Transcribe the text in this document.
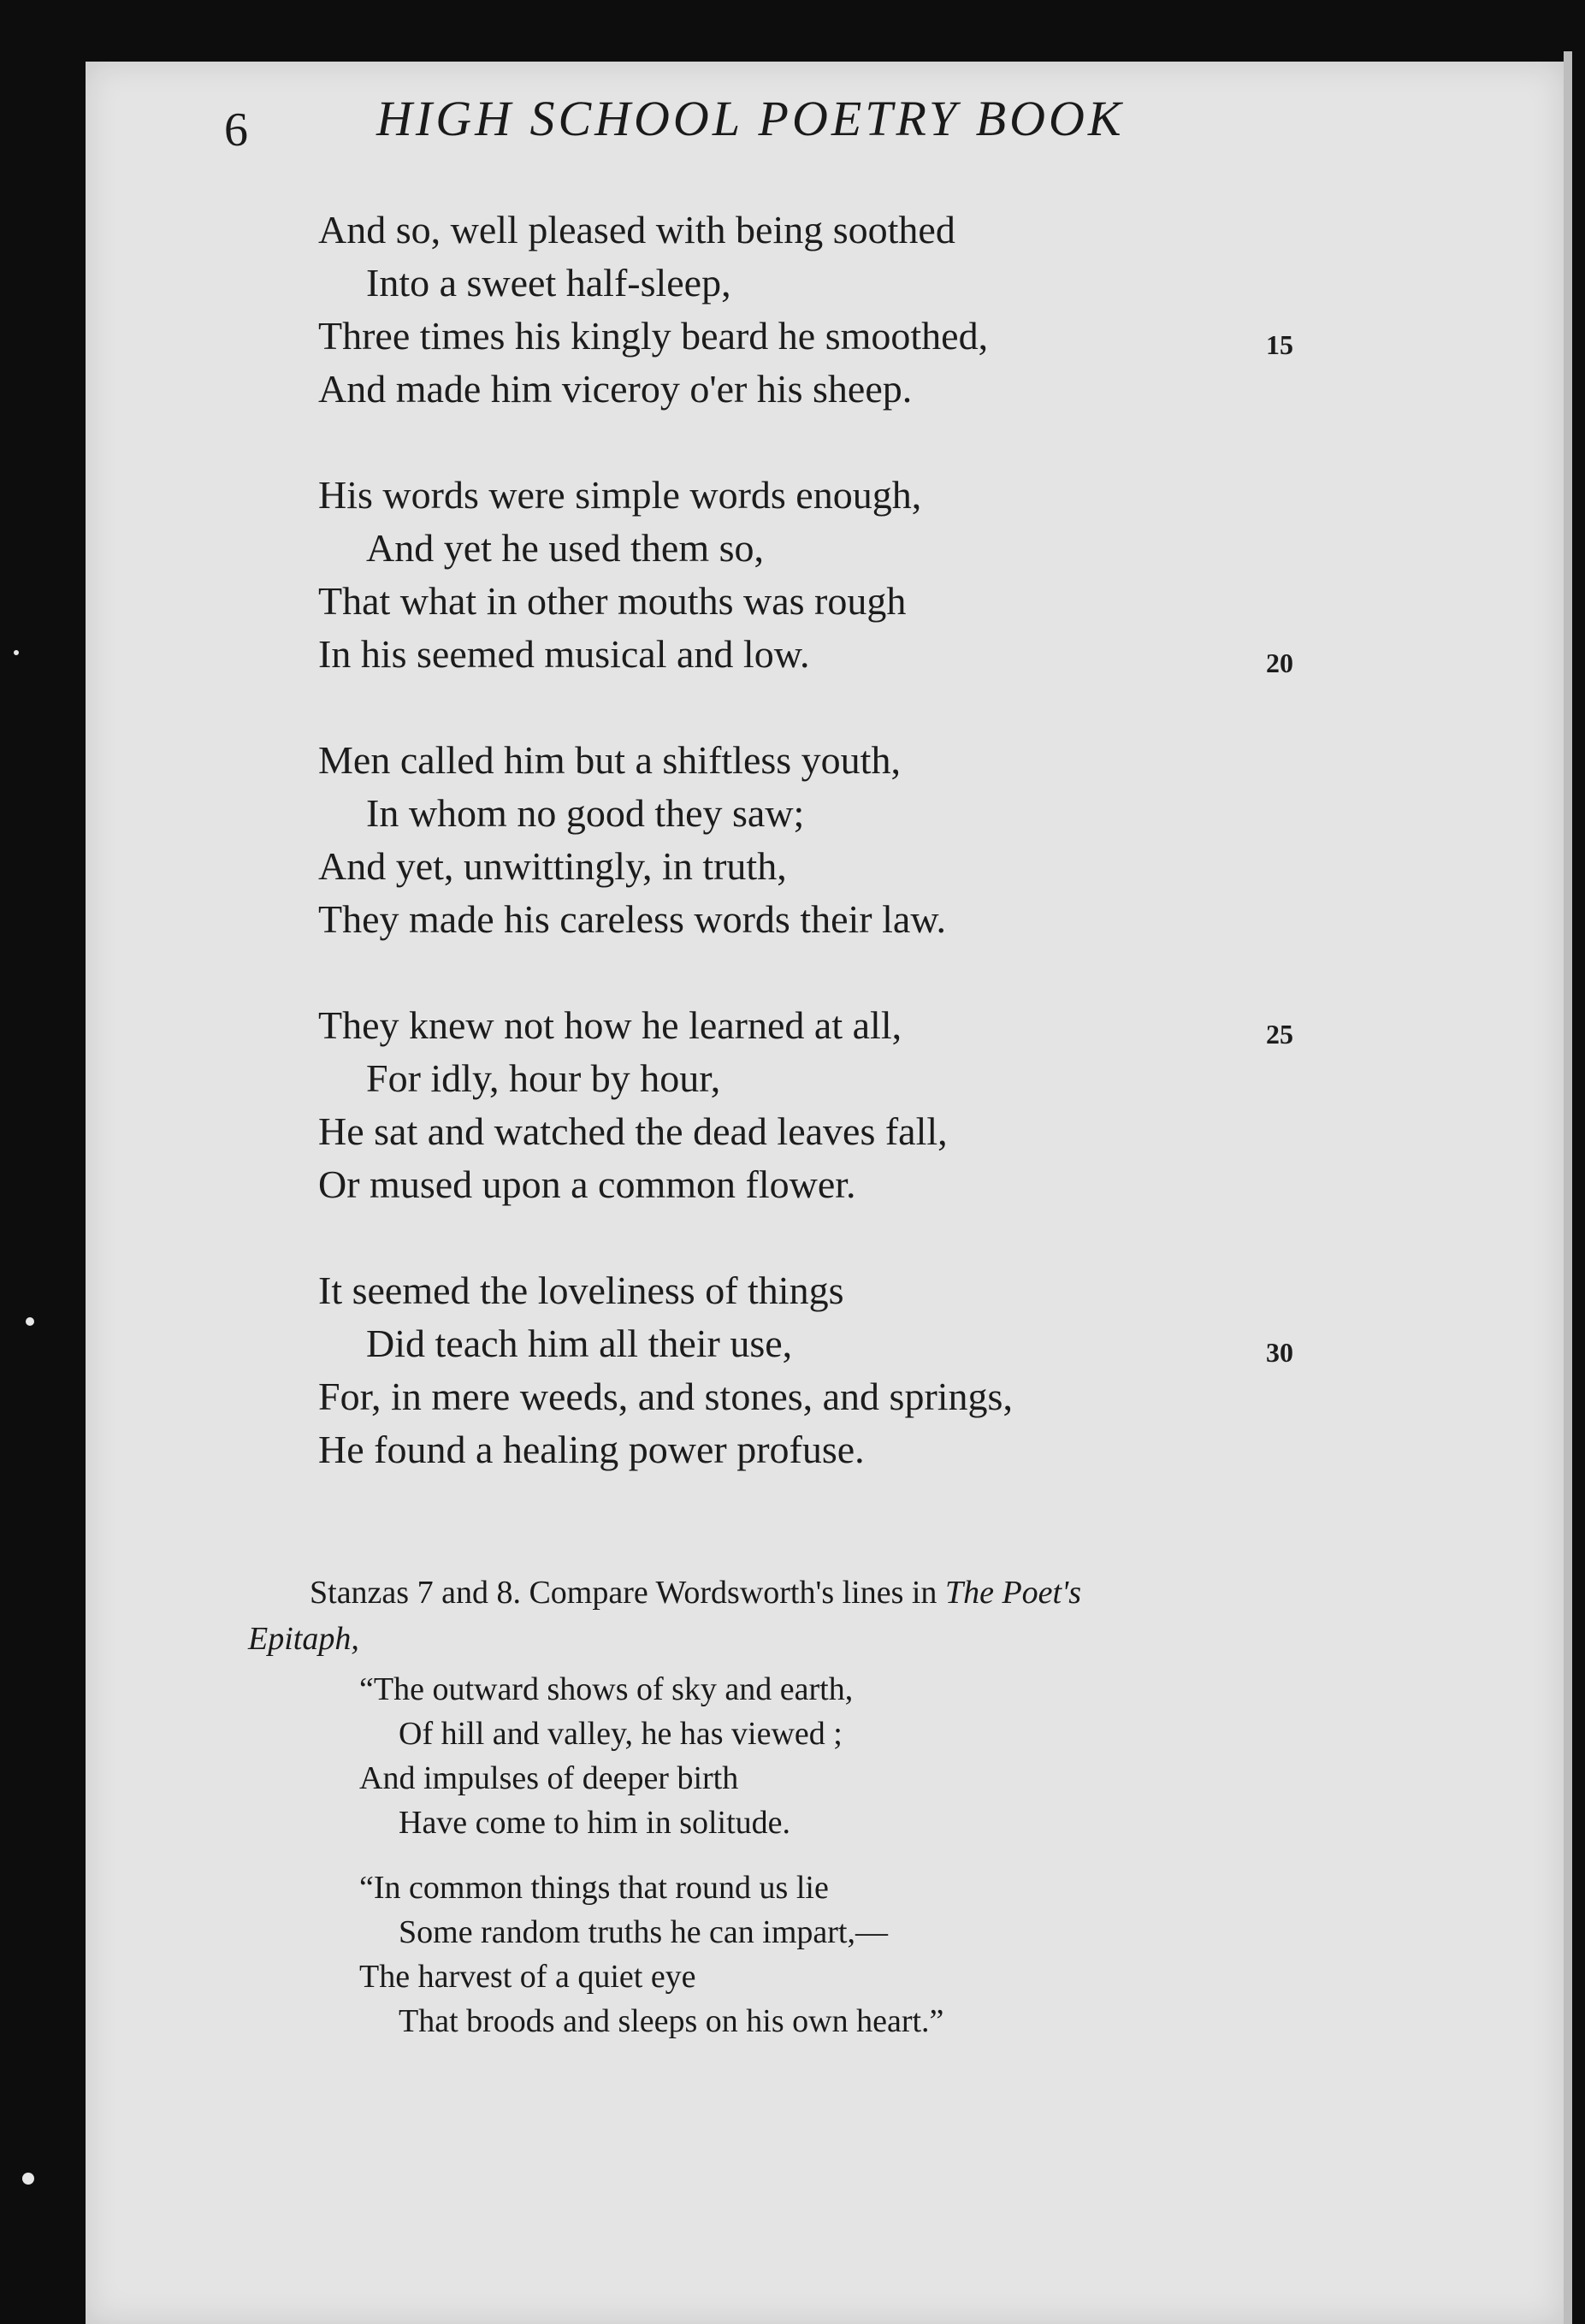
6	HIGH SCHOOL POETRY BOOK
And so, well pleased with being soothed
Into a sweet half-sleep,
Three times his kingly beard he smoothed,	15
And made him viceroy o'er his sheep.
His words were simple words enough,
And yet he used them so,
That what in other mouths was rough
In his seemed musical and low.	20
Men called him but a shiftless youth,
In whom no good they saw;
And yet, unwittingly, in truth,
They made his careless words their law.
They knew not how he learned at all,	25
For idly, hour by hour,
He sat and watched the dead leaves fall,
Or mused upon a common flower.
It seemed the loveliness of things
Did teach him all their use,	30
For, in mere weeds, and stones, and springs,
He found a healing power profuse.
Stanzas 7 and 8. Compare Wordsworth's lines in The Poet's
Epitaph,
“The outward shows of sky and earth,
Of hill and valley, he has viewed ;
And impulses of deeper birth
Have come to him in solitude.
“In common things that round us lie
Some random truths he can impart,—
The harvest of a quiet eye
That broods and sleeps on his own heart.”
